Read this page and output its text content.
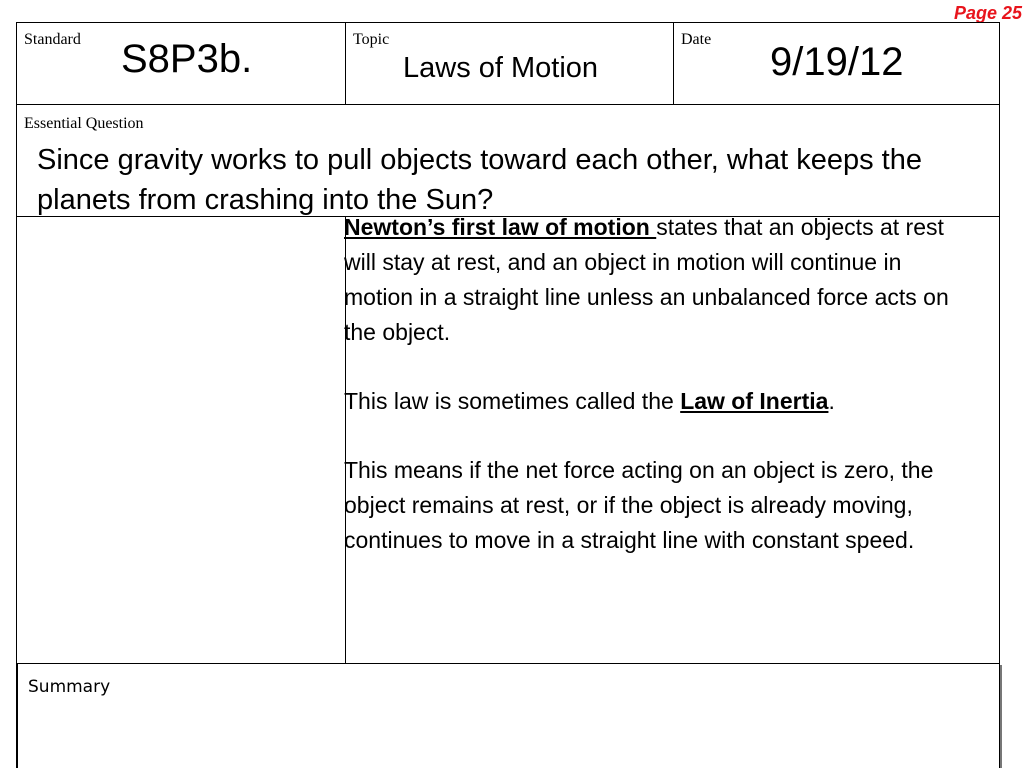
Page 25
Standard S8P3b.	Topic
Laws of Motion
Date
9/19/12
Essential Question
Since gravity works to pull objects toward each other, what keeps the planets from crashing into the Sun?

Newton’s first law of motion states that an objects at rest will stay at rest, and an object in motion will continue in motion in a straight line unless an unbalanced force acts on the object.

This law is sometimes called the Law of Inertia.

This means if the net force acting on an object is zero, the object remains at rest, or if the object is already moving, continues to move in a straight line with constant speed.

Summary
